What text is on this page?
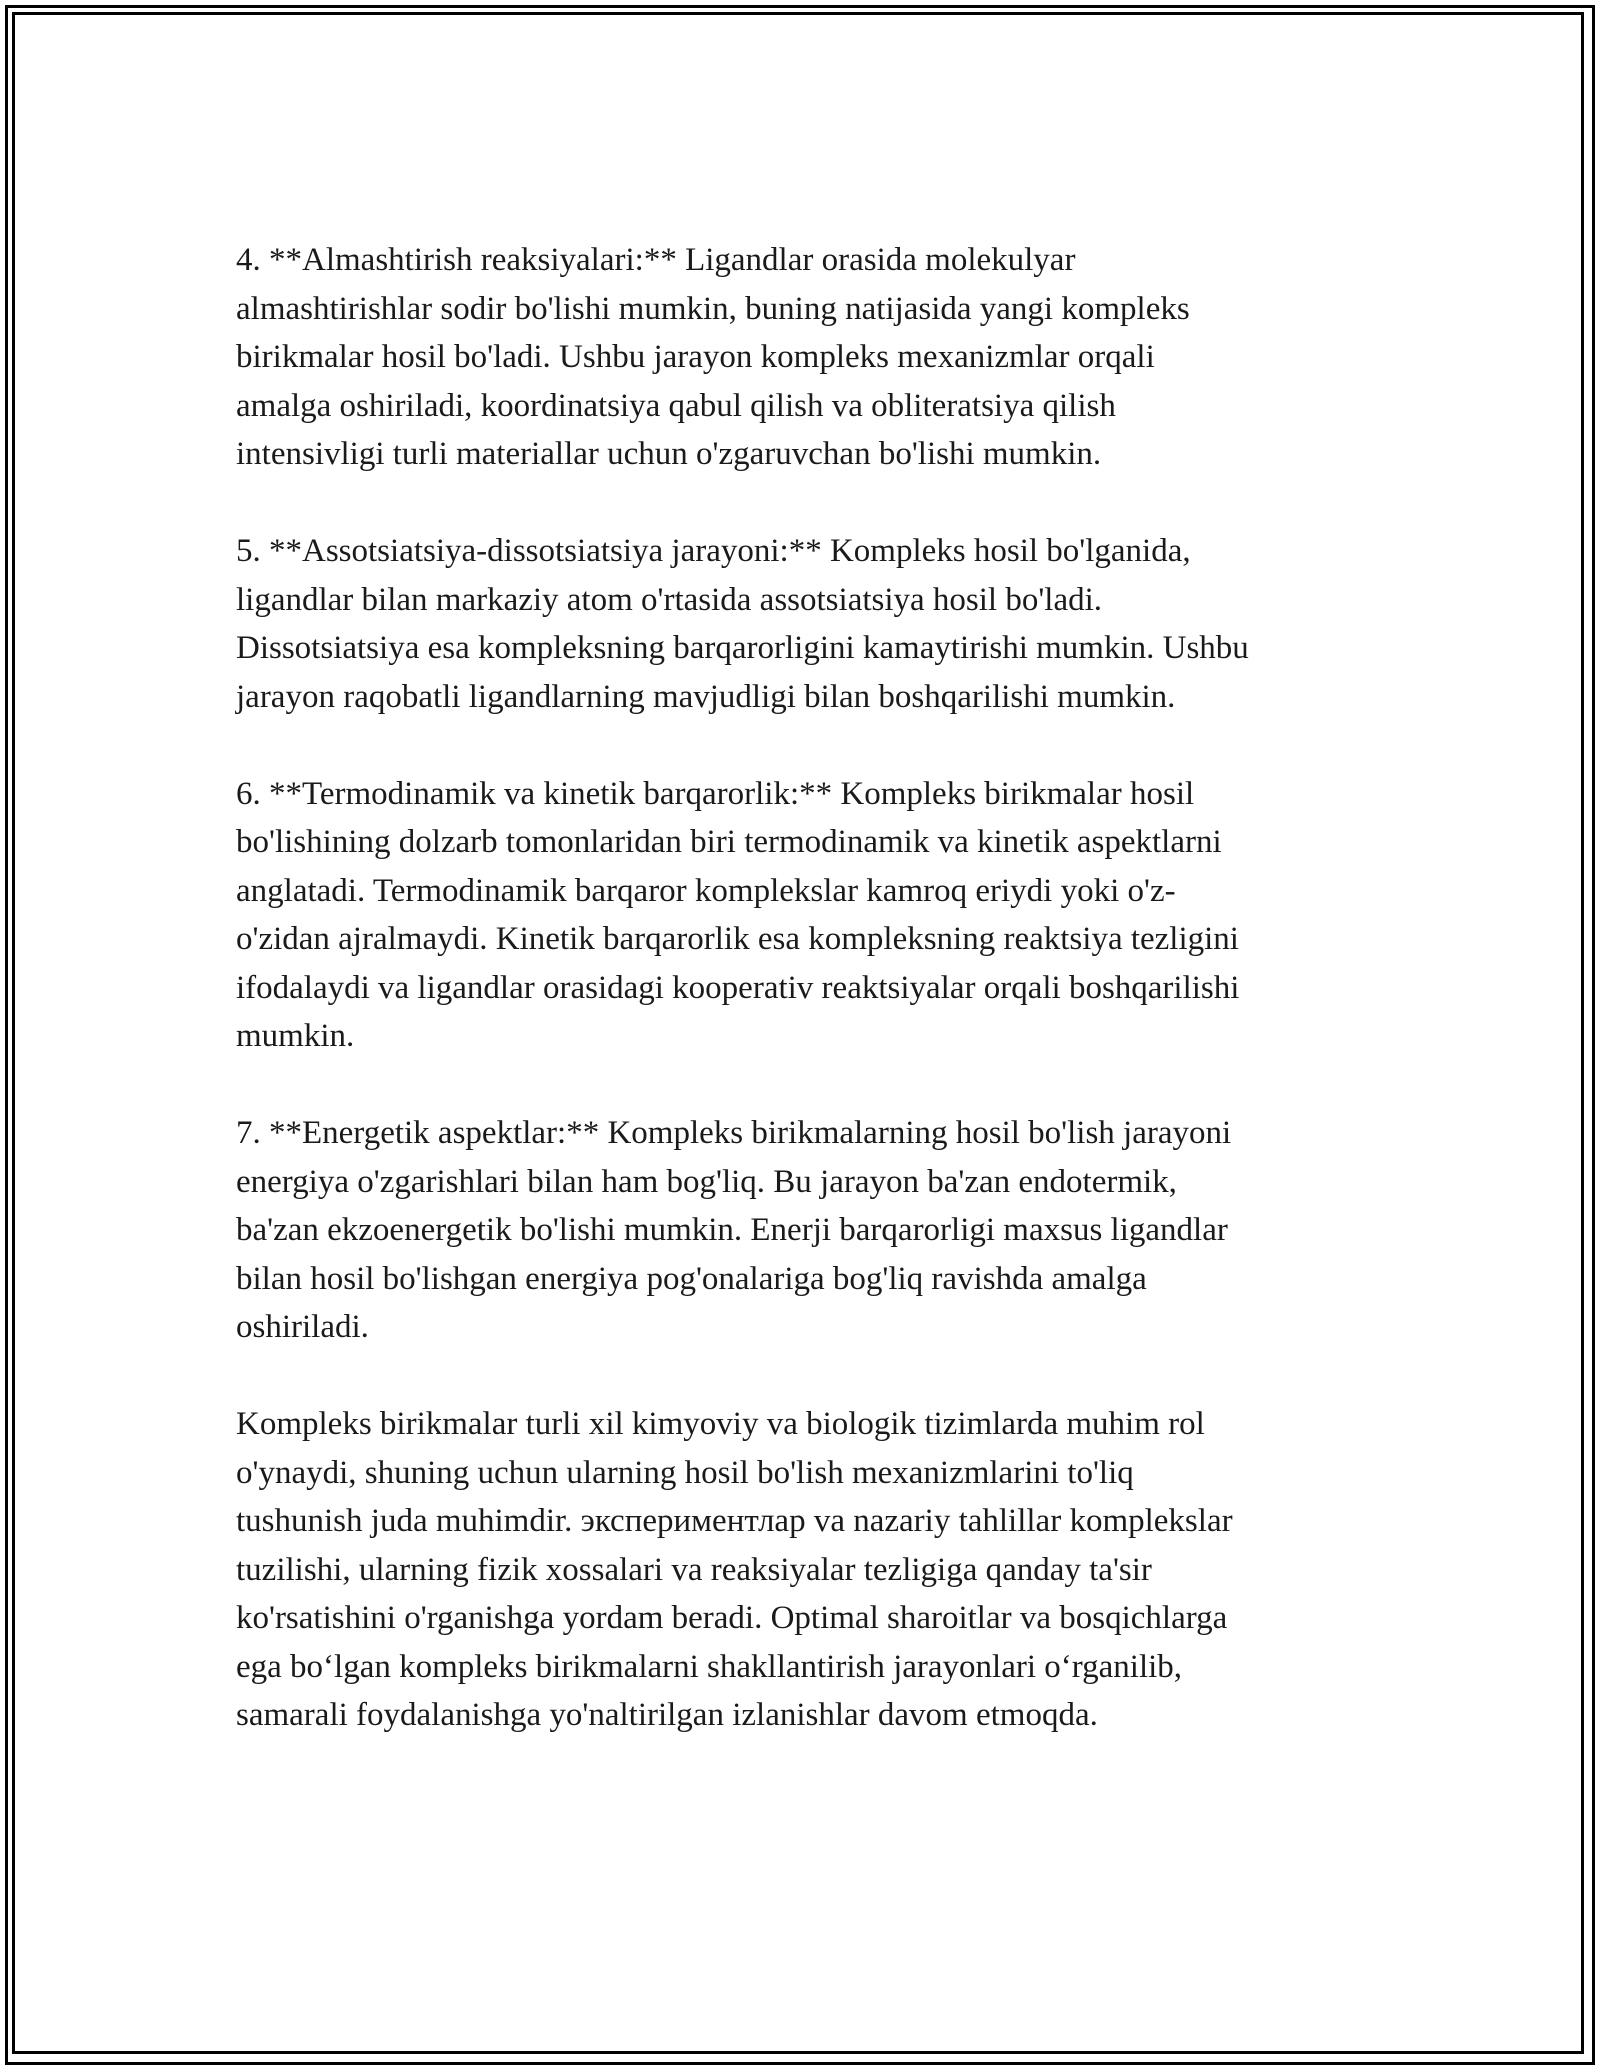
4. **Almashtirish reaksiyalari:** Ligandlar orasida molekulyar
almashtirishlar sodir bo'lishi mumkin, buning natijasida yangi kompleks
birikmalar hosil bo'ladi. Ushbu jarayon kompleks mexanizmlar orqali
amalga oshiriladi, koordinatsiya qabul qilish va obliteratsiya qilish
intensivligi turli materiallar uchun o'zgaruvchan bo'lishi mumkin.

5. **Assotsiatsiya-dissotsiatsiya jarayoni:** Kompleks hosil bo'lganida,
ligandlar bilan markaziy atom o'rtasida assotsiatsiya hosil bo'ladi.
Dissotsiatsiya esa kompleksning barqarorligini kamaytirishi mumkin. Ushbu
jarayon raqobatli ligandlarning mavjudligi bilan boshqarilishi mumkin.

6. **Termodinamik va kinetik barqarorlik:** Kompleks birikmalar hosil
bo'lishining dolzarb tomonlaridan biri termodinamik va kinetik aspektlarni
anglatadi. Termodinamik barqaror komplekslar kamroq eriydi yoki o'z-
o'zidan ajralmaydi. Kinetik barqarorlik esa kompleksning reaktsiya tezligini
ifodalaydi va ligandlar orasidagi kooperativ reaktsiyalar orqali boshqarilishi
mumkin.

7. **Energetik aspektlar:** Kompleks birikmalarning hosil bo'lish jarayoni
energiya o'zgarishlari bilan ham bog'liq. Bu jarayon ba'zan endotermik,
ba'zan ekzoenergetik bo'lishi mumkin. Enerji barqarorligi maxsus ligandlar
bilan hosil bo'lishgan energiya pog'onalariga bog'liq ravishda amalga
oshiriladi.

Kompleks birikmalar turli xil kimyoviy va biologik tizimlarda muhim rol
o'ynaydi, shuning uchun ularning hosil bo'lish mexanizmlarini to'liq
tushunish juda muhimdir. экспериментлар va nazariy tahlillar komplekslar
tuzilishi, ularning fizik xossalari va reaksiyalar tezligiga qanday ta'sir
ko'rsatishini o'rganishga yordam beradi. Optimal sharoitlar va bosqichlarga
ega bo‘lgan kompleks birikmalarni shakllantirish jarayonlari o‘rganilib,
samarali foydalanishga yo'naltirilgan izlanishlar davom etmoqda.
